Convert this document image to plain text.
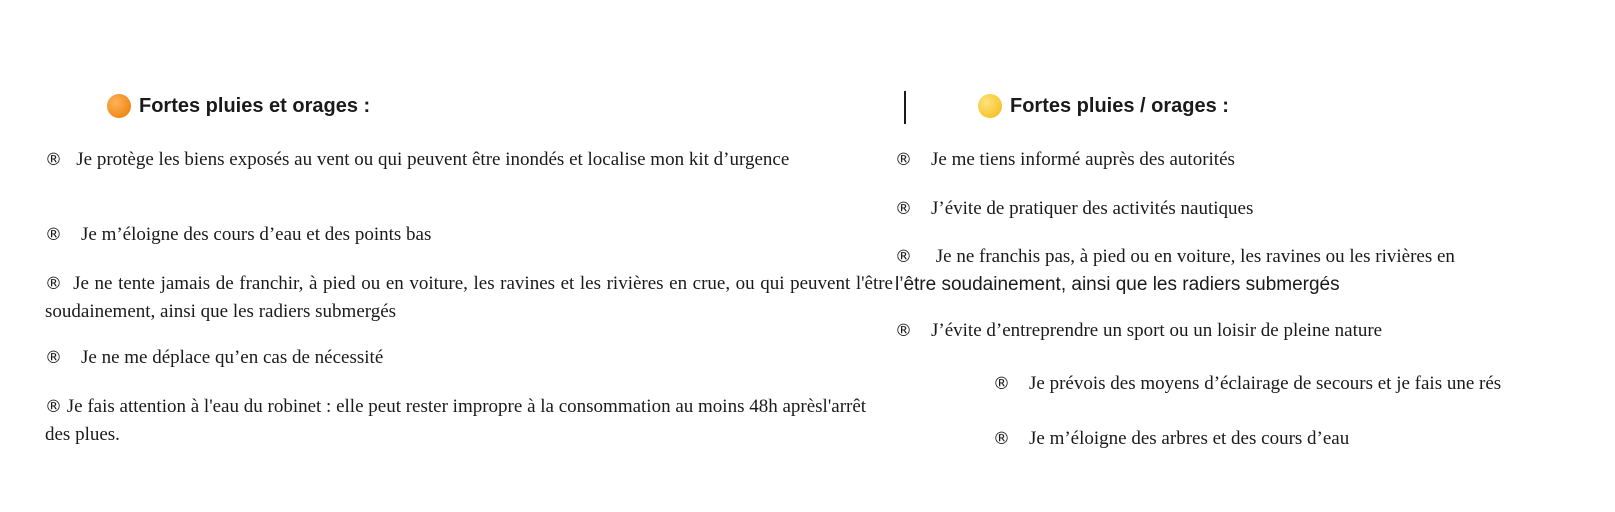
Fortes pluies et orages :

® Je protège les biens exposés au vent ou qui peuvent être inondés et localise mon kit d’urgence

® Je m’éloigne des cours d’eau et des points bas

® Je ne tente jamais de franchir, à pied ou en voiture, les ravines et les rivières en crue, ou qui peuvent l'être soudainement, ainsi que les radiers submergés

® Je ne me déplace qu’en cas de nécessité

® Je fais attention à l'eau du robinet : elle peut rester impropre à la consommation au moins 48h aprèsl'arrêt des plues.

Fortes pluies / orages :

® Je me tiens informé auprès des autorités

® J’évite de pratiquer des activités nautiques

® Je ne franchis pas, à pied ou en voiture, les ravines ou les rivières en
l’être soudainement, ainsi que les radiers submergés

® J’évite d’entreprendre un sport ou un loisir de pleine nature

® Je prévois des moyens d’éclairage de secours et je fais une rés

® Je m’éloigne des arbres et des cours d’eau
